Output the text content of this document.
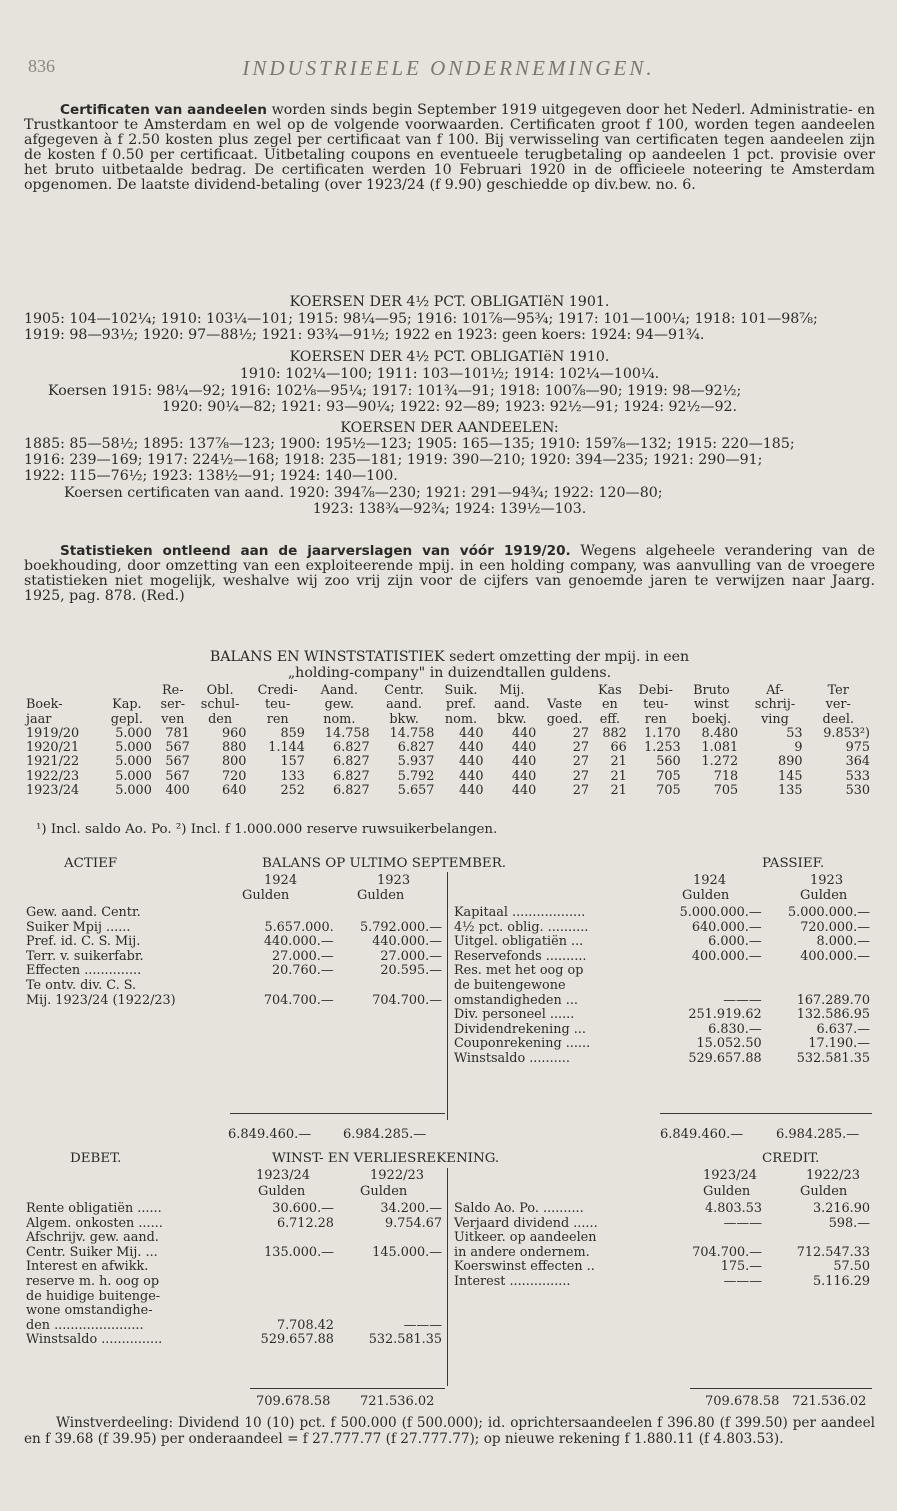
836	INDUSTRIEELE ONDERNEMINGEN.
Certificaten van aandeelen worden sinds begin September 1919 uitgegeven door het Nederl. Administratie- en Trustkantoor te Amsterdam en wel op de volgende voorwaarden. Certificaten groot f 100, worden tegen aandeelen afgegeven à f 2.50 kosten plus zegel per certificaat van f 100. Bij verwisseling van certificaten tegen aandeelen zijn de kosten f 0.50 per certificaat. Uitbetaling coupons en eventueele terugbetaling op aandeelen 1 pct. provisie over het bruto uitbetaalde bedrag. De certificaten werden 10 Februari 1920 in de officieele noteering te Amsterdam opgenomen. De laatste dividend-betaling (over 1923/24 (f 9.90) geschiedde op div.bew. no. 6.
KOERSEN DER 4½ PCT. OBLIGATIëN 1901.
1905: 104—102¼; 1910: 103¼—101; 1915: 98¼—95; 1916: 101⅞—95¾; 1917: 101—100¼; 1918: 101—98⅞;
1919: 98—93½; 1920: 97—88½; 1921: 93¾—91½; 1922 en 1923: geen koers: 1924: 94—91¾.
KOERSEN DER 4½ PCT. OBLIGATIëN 1910.
1910: 102¼—100; 1911: 103—101½; 1914: 102¼—100¼.
Koersen 1915: 98¼—92; 1916: 102⅛—95¼; 1917: 101¾—91; 1918: 100⅞—90; 1919: 98—92½;
1920: 90¼—82; 1921: 93—90¼; 1922: 92—89; 1923: 92½—91; 1924: 92½—92.
KOERSEN DER AANDEELEN:
1885: 85—58½; 1895: 137⅞—123; 1900: 195½—123; 1905: 165—135; 1910: 159⅞—132; 1915: 220—185;
1916: 239—169; 1917: 224½—168; 1918: 235—181; 1919: 390—210; 1920: 394—235; 1921: 290—91;
1922: 115—76½; 1923: 138½—91; 1924: 140—100.
Koersen certificaten van aand. 1920: 394⅞—230; 1921: 291—94¾; 1922: 120—80;
1923: 138¾—92¾; 1924: 139½—103.
Statistieken ontleend aan de jaarverslagen van vóór 1919/20. Wegens algeheele verandering van de boekhouding, door omzetting van een exploiteerende mpij. in een holding company, was aanvulling van de vroegere statistieken niet mogelijk, weshalve wij zoo vrij zijn voor de cijfers van genoemde jaren te verwijzen naar Jaarg. 1925, pag. 878. (Red.)
BALANS EN WINSTSTATISTIEK sedert omzetting der mpij. in een
„holding-company" in duizendtallen guldens.
		Re-	Obl.	Credi-	Aand.	Centr.	Suik.	Mij.		Kas	Debi-	Bruto		Af-	Ter
Boek-	Kap.	ser-	schul-	teu-	gew.	aand.	pref.	aand.	Vaste	en	teu-	winst		schrij-	ver-
jaar	gepl.	ven	den	ren	nom.	bkw.	nom.	bkw.	goed.	eff.	ren	boekj.		ving	deel.
1919/20	5.000	781	960	859	14.758	14.758	440	440	27	882	1.170	8.480		53	9.853²)
1920/21	5.000	567	880	1.144	6.827	6.827	440	440	27	66	1.253	1.081		9	975
1921/22	5.000	567	800	157	6.827	5.937	440	440	27	21	560	1.272		890	364
1922/23	5.000	567	720	133	6.827	5.792	440	440	27	21	705	718		145	533
1923/24	5.000	400	640	252	6.827	5.657	440	440	27	21	705	705		135	530
¹) Incl. saldo Ao. Po. ²) Incl. f 1.000.000 reserve ruwsuikerbelangen.
ACTIEF	BALANS OP ULTIMO SEPTEMBER.	PASSIEF.
1924	1923
Gulden	Gulden
1924	1923
Gulden	Gulden
Gew. aand. Centr.		
Suiker Mpij ......	5.657.000.	5.792.000.—
Pref. id. C. S. Mij.	440.000.—	440.000.—
Terr. v. suikerfabr.	27.000.—	27.000.—
Effecten ..............	20.760.—	20.595.—
Te ontv. div. C. S.		
Mij. 1923/24 (1922/23)	704.700.—	704.700.—
Kapitaal ..................	5.000.000.—	5.000.000.—
4½ pct. oblig. ..........	640.000.—	720.000.—
Uitgel. obligatiën ...	6.000.—	8.000.—
Reservefonds ..........	400.000.—	400.000.—
Res. met het oog op		
de buitengewone		
omstandigheden ...	———	167.289.70
Div. personeel ......	251.919.62	132.586.95
Dividendrekening ...	6.830.—	6.637.—
Couponrekening ......	15.052.50	17.190.—
Winstsaldo ..........	529.657.88	532.581.35
6.849.460.— 6.984.285.—	6.849.460.—	6.984.285.—
DEBET.	WINST- EN VERLIESREKENING.	CREDIT.
1923/24	1922/23
Gulden	Gulden
1923/24	1922/23
Gulden	Gulden
Rente obligatiën ......	30.600.—	34.200.—
Algem. onkosten ......	6.712.28	9.754.67
Afschrijv. gew. aand.		
Centr. Suiker Mij. ...	135.000.—	145.000.—
Interest en afwikk.		
reserve m. h. oog op		
de huidige buitenge-		
wone omstandighe-		
den ......................	7.708.42	———
Winstsaldo ...............	529.657.88	532.581.35
Saldo Ao. Po. ..........	4.803.53	3.216.90
Verjaard dividend ......	———	598.—
Uitkeer. op aandeelen		
in andere ondernem.	704.700.—	712.547.33
Koerswinst effecten ..	175.—	57.50
Interest ...............	———	5.116.29
709.678.58 721.536.02	709.678.58 721.536.02
Winstverdeeling: Dividend 10 (10) pct. f 500.000 (f 500.000); id. oprichtersaandeelen f 396.80 (f 399.50) per aandeel en f 39.68 (f 39.95) per onderaandeel = f 27.777.77 (f 27.777.77); op nieuwe rekening f 1.880.11 (f 4.803.53).
